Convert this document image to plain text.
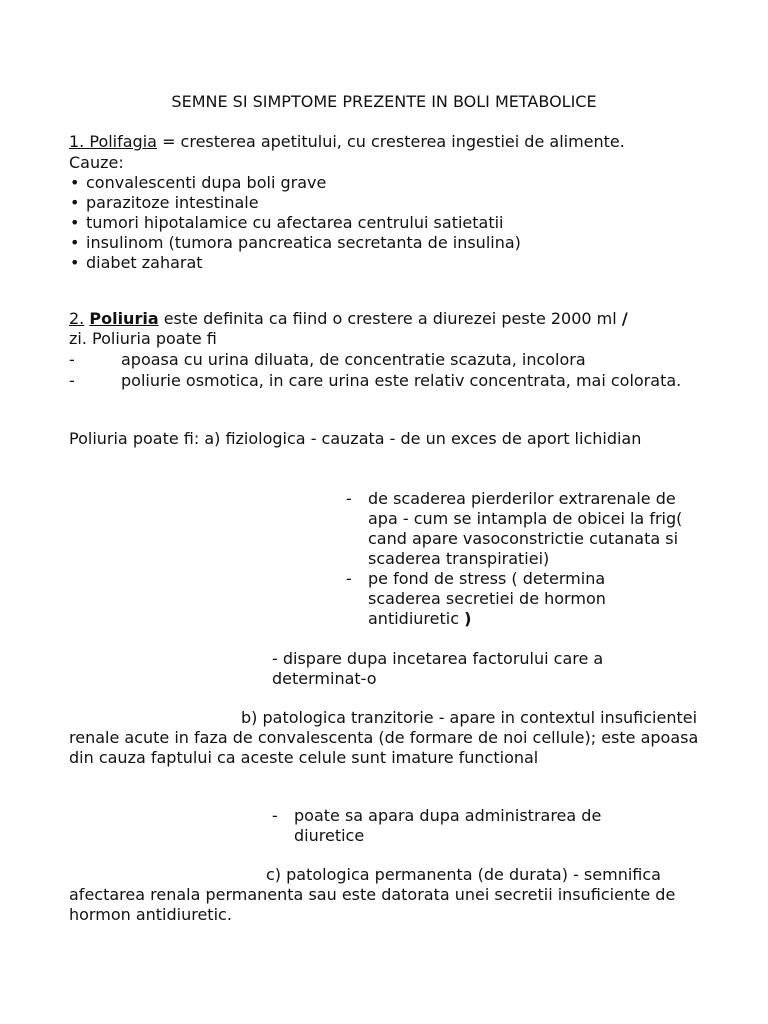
SEMNE SI SIMPTOME PREZENTE IN BOLI METABOLICE
1. Polifagia = cresterea apetitului, cu cresterea ingestiei de alimente.
Cauze:
• convalescenti dupa boli grave
• parazitoze intestinale
• tumori hipotalamice cu afectarea centrului satietatii
• insulinom (tumora pancreatica secretanta de insulina)
• diabet zaharat
2. Poliuria este definita ca fiind o crestere a diurezei peste 2000 ml /
zi. Poliuria poate fi
-	apoasa cu urina diluata, de concentratie scazuta, incolora
-	poliurie osmotica, in care urina este relativ concentrata, mai colorata.
Poliuria poate fi: a) fiziologica - cauzata - de un exces de aport lichidian
- de scaderea pierderilor extrarenale de apa - cum se intampla de obicei la frig( cand apare vasoconstrictie cutanata si scaderea transpiratiei)
- pe fond de stress ( determina scaderea secretiei de hormon antidiuretic )
- dispare dupa incetarea factorului care a determinat-o
b) patologica tranzitorie - apare in contextul insuficientei renale acute in faza de convalescenta (de formare de noi cellule); este apoasa din cauza faptului ca aceste celule sunt imature functional
- poate sa apara dupa administrarea de diuretice
c) patologica permanenta (de durata) - semnifica afectarea renala permanenta sau este datorata unei secretii insuficiente de hormon antidiuretic.
